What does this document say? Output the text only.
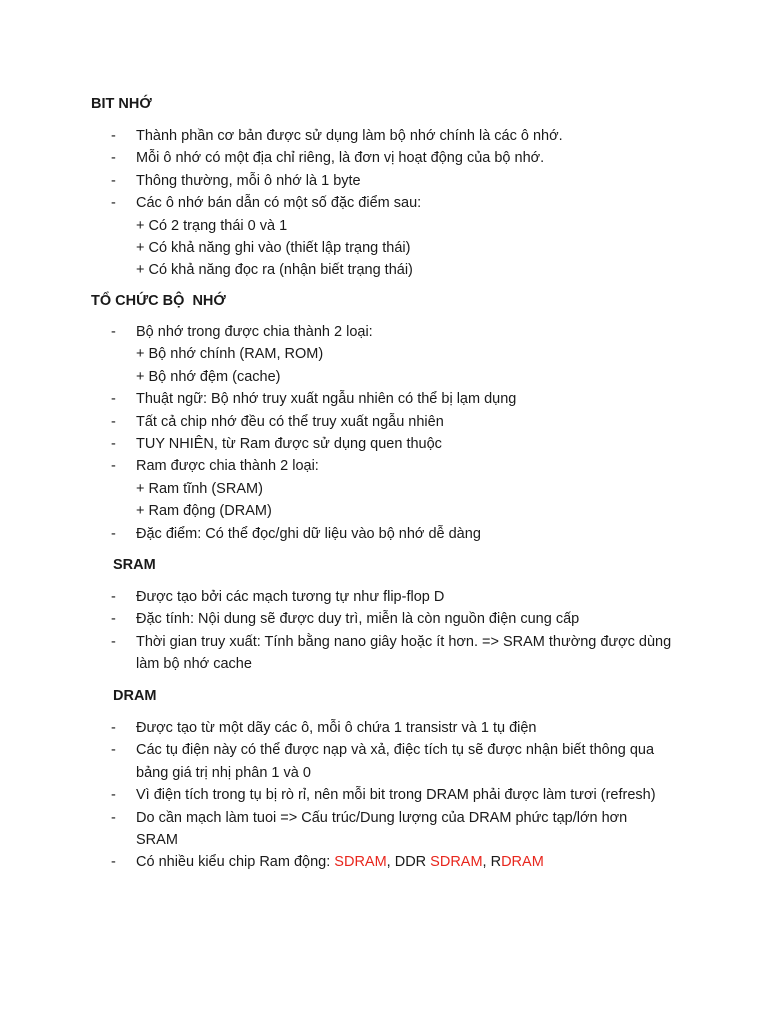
BIT NHỚ
- Thành phần cơ bản được sử dụng làm bộ nhớ chính là các ô nhớ.
- Mỗi ô nhớ có một địa chỉ riêng, là đơn vị hoạt động của bộ nhớ.
- Thông thường, mỗi ô nhớ là 1 byte
- Các ô nhớ bán dẫn có một số đặc điểm sau:
+ Có 2 trạng thái 0 và 1
+ Có khả năng ghi vào (thiết lập trạng thái)
+ Có khả năng đọc ra (nhận biết trạng thái)
TỔ CHỨC BỘ  NHỚ
- Bộ nhớ trong được chia thành 2 loại:
+ Bộ nhớ chính (RAM, ROM)
+ Bộ nhớ đệm (cache)
- Thuật ngữ: Bộ nhớ truy xuất ngẫu nhiên có thể bị lạm dụng
- Tất cả chip nhớ đều có thể truy xuất ngẫu nhiên
- TUY NHIÊN, từ Ram được sử dụng quen thuộc
- Ram được chia thành 2 loại:
+ Ram tĩnh (SRAM)
+ Ram động (DRAM)
- Đặc điểm: Có thể đọc/ghi dữ liệu vào bộ nhớ dễ dàng
SRAM
- Được tạo bởi các mạch tương tự như flip-flop D
- Đặc tính: Nội dung sẽ được duy trì, miễn là còn nguồn điện cung cấp
- Thời gian truy xuất: Tính bằng nano giây hoặc ít hơn. => SRAM thường được dùng
làm bộ nhớ cache
DRAM
- Được tạo từ một dãy các ô, mỗi ô chứa 1 transistr và 1 tụ điện
- Các tụ điện này có thể được nạp và xả, điệc tích tụ sẽ được nhận biết thông qua
bảng giá trị nhị phân 1 và 0
- Vì điện tích trong tụ bị rò rỉ, nên mỗi bit trong DRAM phải được làm tươi (refresh)
- Do cần mạch làm tuoi => Cấu trúc/Dung lượng của DRAM phức tạp/lớn hơn
SRAM
- Có nhiều kiểu chip Ram động: SDRAM, DDR SDRAM, RDRAM
